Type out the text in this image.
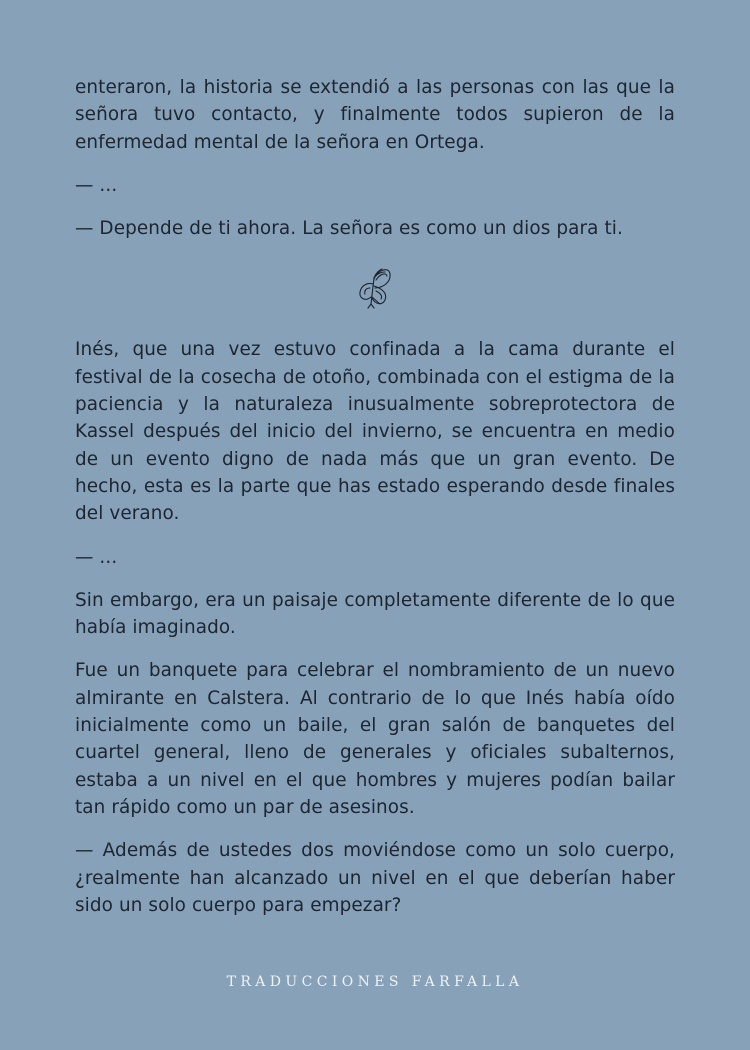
enteraron, la historia se extendió a las personas con las que la señora tuvo contacto, y finalmente todos supieron de la enfermedad mental de la señora en Ortega.

— ...

— Depende de ti ahora. La señora es como un dios para ti.

Inés, que una vez estuvo confinada a la cama durante el festival de la cosecha de otoño, combinada con el estigma de la paciencia y la naturaleza inusualmente sobreprotectora de Kassel después del inicio del invierno, se encuentra en medio de un evento digno de nada más que un gran evento. De hecho, esta es la parte que has estado esperando desde finales del verano.

— ...

Sin embargo, era un paisaje completamente diferente de lo que había imaginado.

Fue un banquete para celebrar el nombramiento de un nuevo almirante en Calstera. Al contrario de lo que Inés había oído inicialmente como un baile, el gran salón de banquetes del cuartel general, lleno de generales y oficiales subalternos, estaba a un nivel en el que hombres y mujeres podían bailar tan rápido como un par de asesinos.

— Además de ustedes dos moviéndose como un solo cuerpo, ¿realmente han alcanzado un nivel en el que deberían haber sido un solo cuerpo para empezar?

TRADUCCIONES FARFALLA
